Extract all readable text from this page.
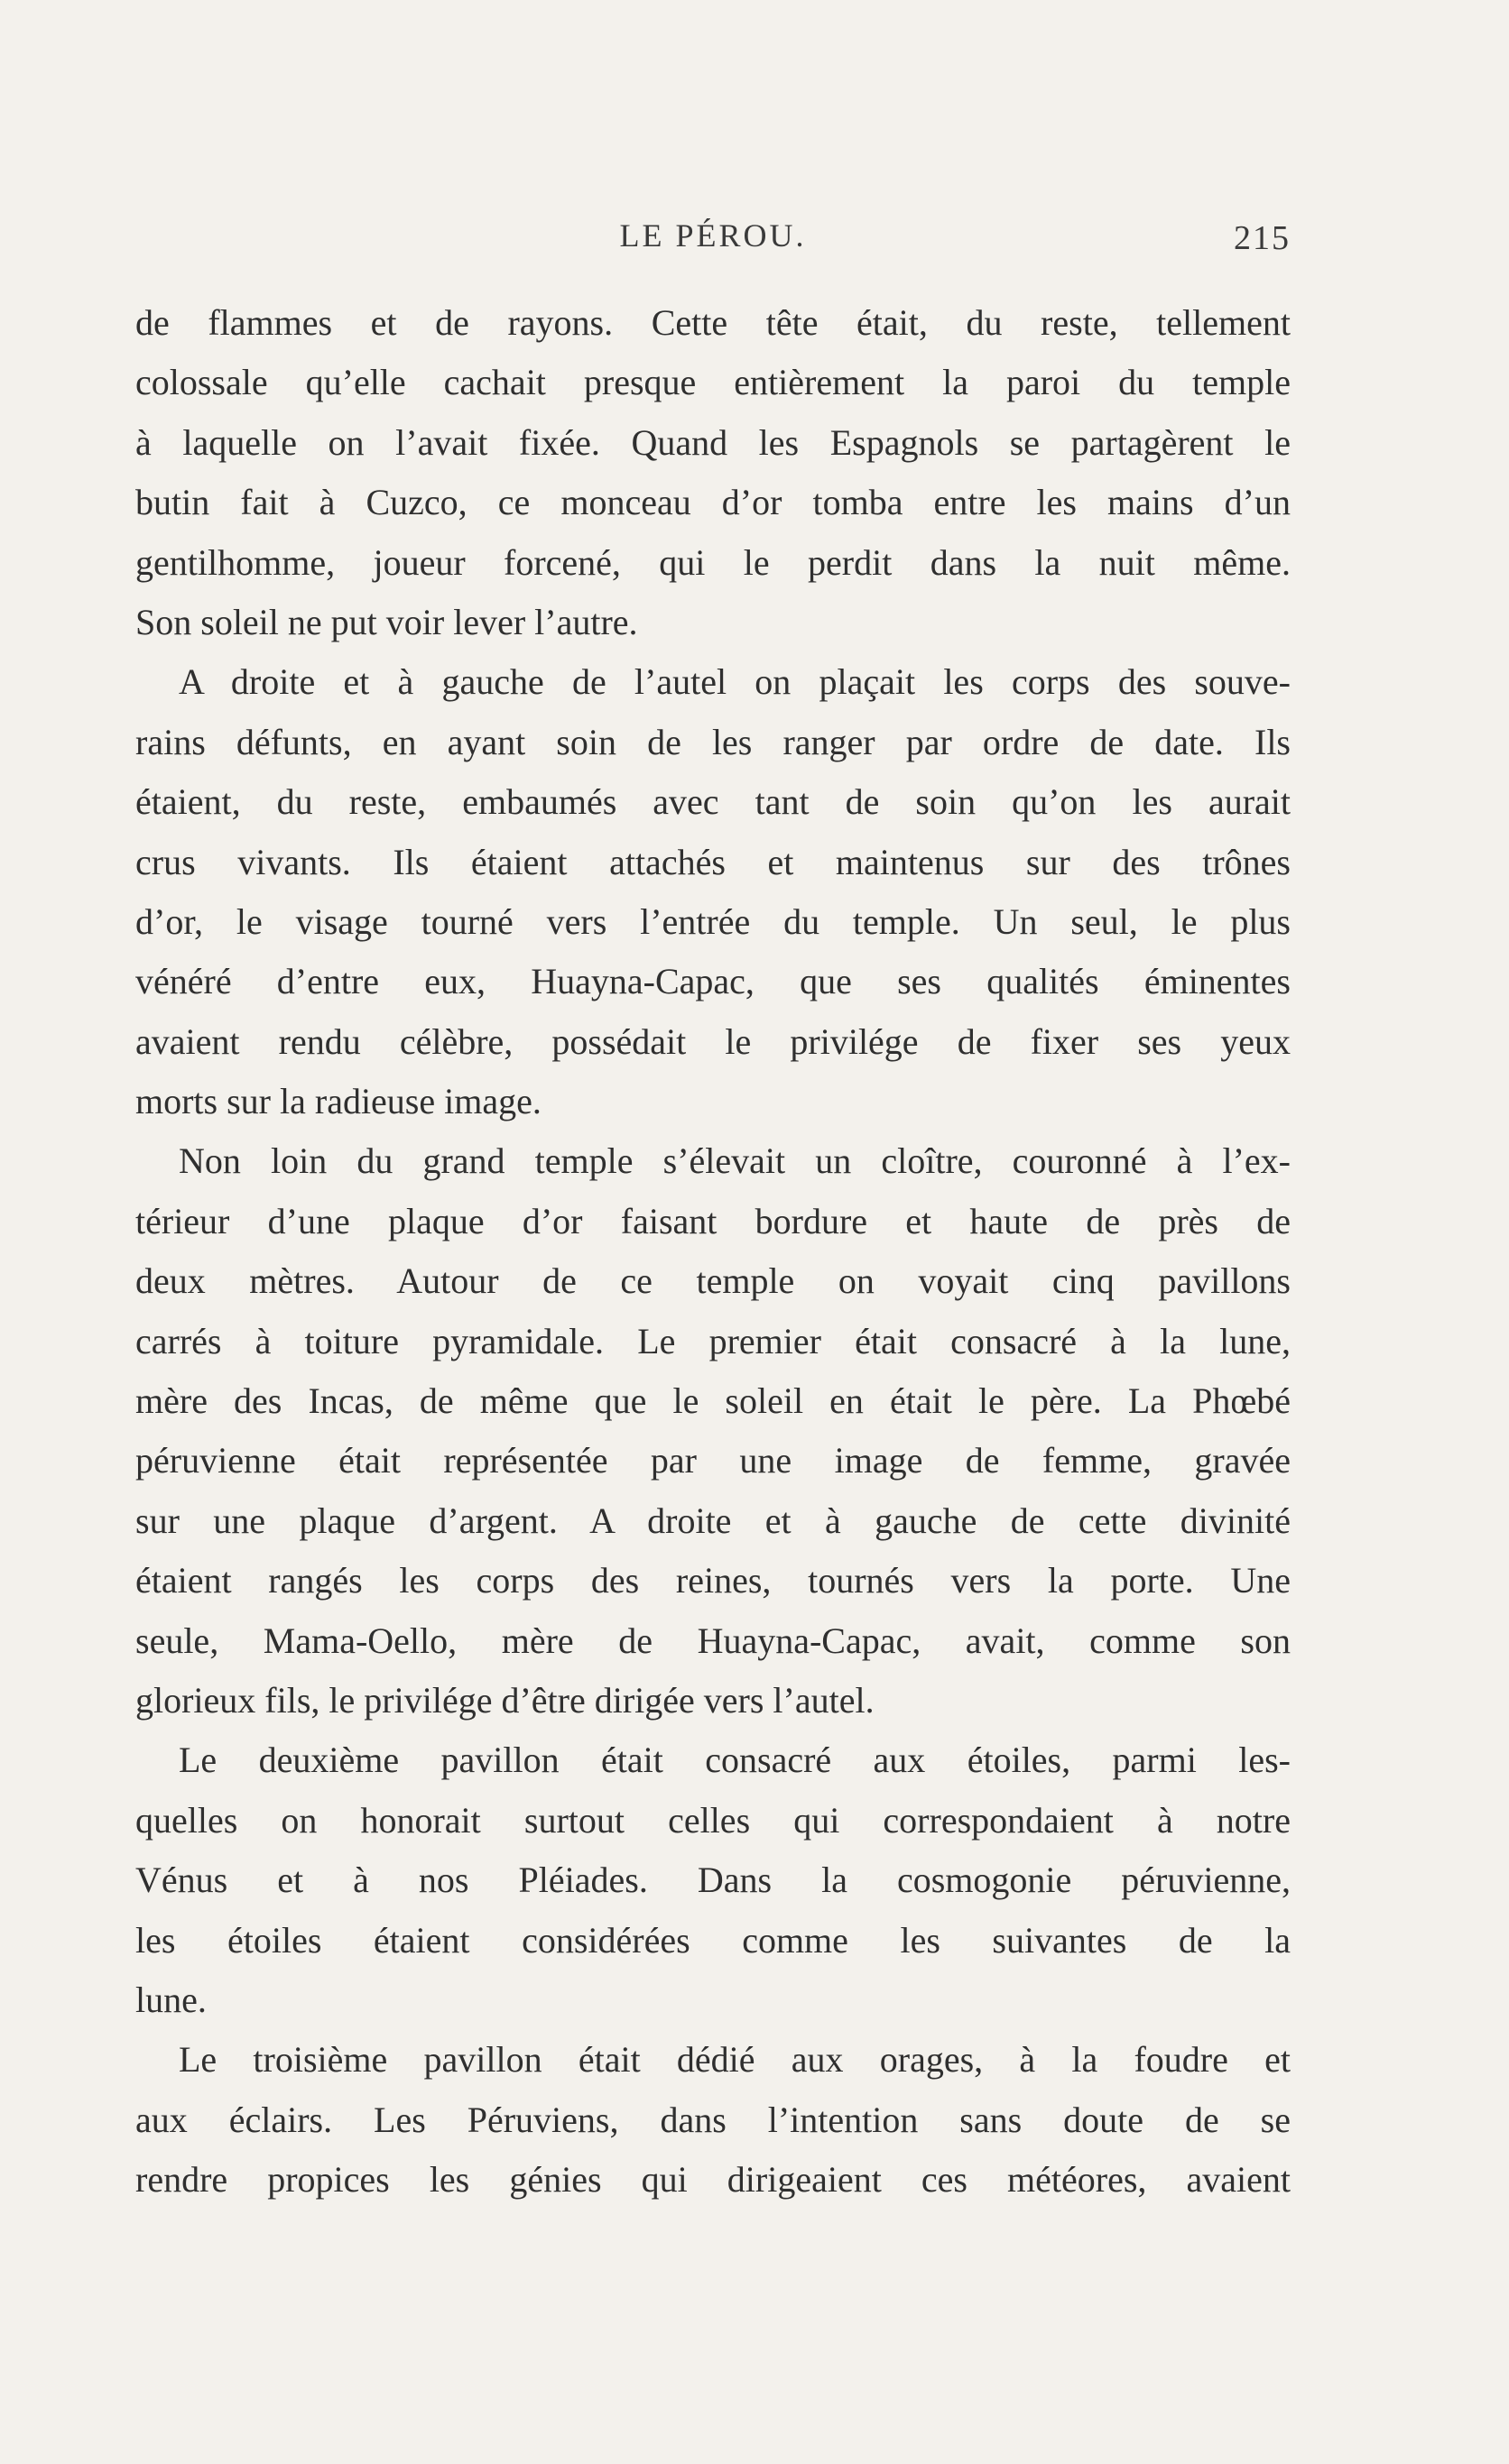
LE PÉROU.	215
de flammes et de rayons. Cette tête était, du reste, tellement
colossale qu’elle cachait presque entièrement la paroi du temple
à laquelle on l’avait fixée. Quand les Espagnols se partagèrent le
butin fait à Cuzco, ce monceau d’or tomba entre les mains d’un
gentilhomme, joueur forcené, qui le perdit dans la nuit même.
Son soleil ne put voir lever l’autre.
A droite et à gauche de l’autel on plaçait les corps des souve-
rains défunts, en ayant soin de les ranger par ordre de date. Ils
étaient, du reste, embaumés avec tant de soin qu’on les aurait
crus vivants. Ils étaient attachés et maintenus sur des trônes
d’or, le visage tourné vers l’entrée du temple. Un seul, le plus
vénéré d’entre eux, Huayna-Capac, que ses qualités éminentes
avaient rendu célèbre, possédait le privilége de fixer ses yeux
morts sur la radieuse image.
Non loin du grand temple s’élevait un cloître, couronné à l’ex-
térieur d’une plaque d’or faisant bordure et haute de près de
deux mètres. Autour de ce temple on voyait cinq pavillons
carrés à toiture pyramidale. Le premier était consacré à la lune,
mère des Incas, de même que le soleil en était le père. La Phœbé
péruvienne était représentée par une image de femme, gravée
sur une plaque d’argent. A droite et à gauche de cette divinité
étaient rangés les corps des reines, tournés vers la porte. Une
seule, Mama-Oello, mère de Huayna-Capac, avait, comme son
glorieux fils, le privilége d’être dirigée vers l’autel.
Le deuxième pavillon était consacré aux étoiles, parmi les-
quelles on honorait surtout celles qui correspondaient à notre
Vénus et à nos Pléiades. Dans la cosmogonie péruvienne,
les étoiles étaient considérées comme les suivantes de la
lune.
Le troisième pavillon était dédié aux orages, à la foudre et
aux éclairs. Les Péruviens, dans l’intention sans doute de se
rendre propices les génies qui dirigeaient ces météores, avaient
